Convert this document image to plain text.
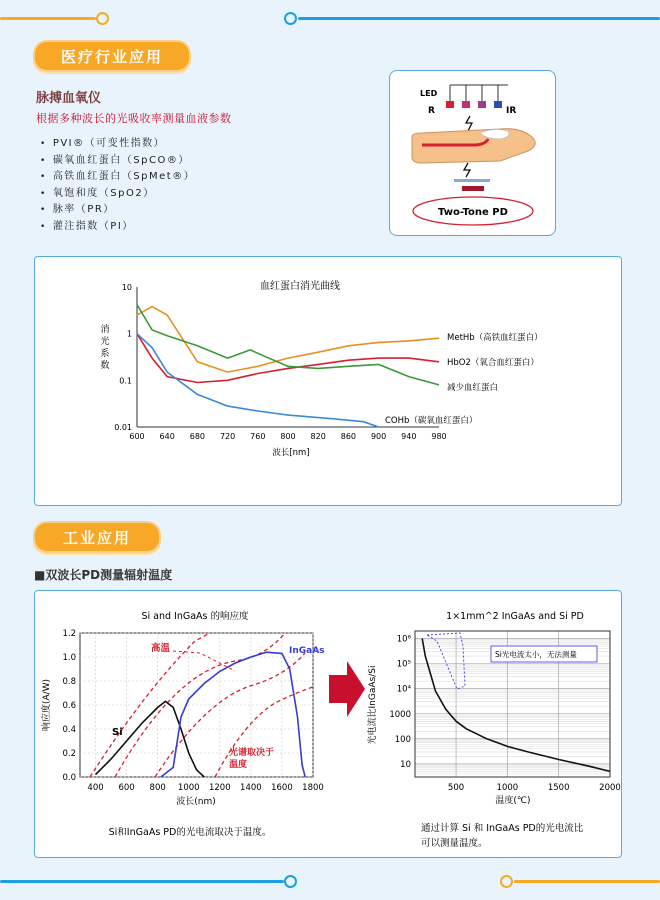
医疗行业应用
脉搏血氧仪
根据多种波长的光吸收率测量血液参数
• PVI®（可变性指数）
• 碳氧血红蛋白（SpCO®）
• 高铁血红蛋白（SpMet®）
• 氧饱和度（SpO2）
• 脉率（PR）
• 灌注指数（PI）
LED
R	IR
Two-Tone PD
血红蛋白消光曲线
10
1
0.1
0.01
600 640 680 720 760 800 820 860 900 940 980
波长[nm]
消光系数
MetHb（高铁血红蛋白）
HbO2（氧合血红蛋白）
减少血红蛋白
COHb（碳氧血红蛋白）
工业应用
■双波长PD测量辐射温度
Si and InGaAs 的响应度
0.0
0.2
0.4
0.6
0.8
1.0
1.2
400 600 800 1000 1200 1400 1600 1800
波长(nm)
响应度(A/W)
Si
InGaAs
高温
光谱取决于温度
Si和InGaAs PD的光电流取决于温度。
1×1mm^2 InGaAs and Si PD
10
100
1000
10⁴
10⁵
10⁶
500	1000	1500	2000
温度(℃)
光电流比InGaAs/Si
Si光电流太小，无法测量
通过计算 Si 和 InGaAs PD的光电流比
可以测量温度。
